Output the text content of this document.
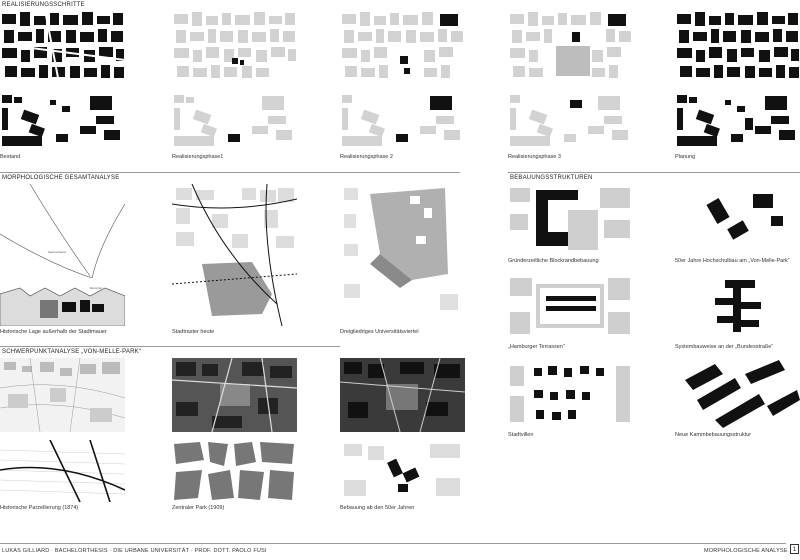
REALISIERUNGSSCHRITTE
MORPHOLOGISCHE GESAMTANALYSE	BEBAUUNGSSTRUKTUREN
SCHWERPUNKTANALYSE „VON-MELLE-PARK“
Bestand	Realisierungsphase1	Realisierungsphase 2	Realisierungsphase 3	Planung
Sternschanze
Dammtor
Historische Lage außerhalb der Stadtmauer	Stadtraster heute	Dreigliedriges Universitätsviertel
Gründerzeitliche Blockrandbebauung	50er Jahre Hochschulbau am „Von-Melle-Park“
„Hamburger Terrassen“	Systembauweise an der „Bundesstraße“
Stadtvillen	Neue Kammbebauungsstruktur
Historische Parzellierung (1874)	Zentraler Park (1909)	Bebauung ab den 50er Jahren
LUKAS GILLIARD · BACHELORTHESIS · DIE URBANE UNIVERSITÄT · PROF. DOTT. PAOLO FUSI	MORPHOLOGISCHE ANALYSE 1
